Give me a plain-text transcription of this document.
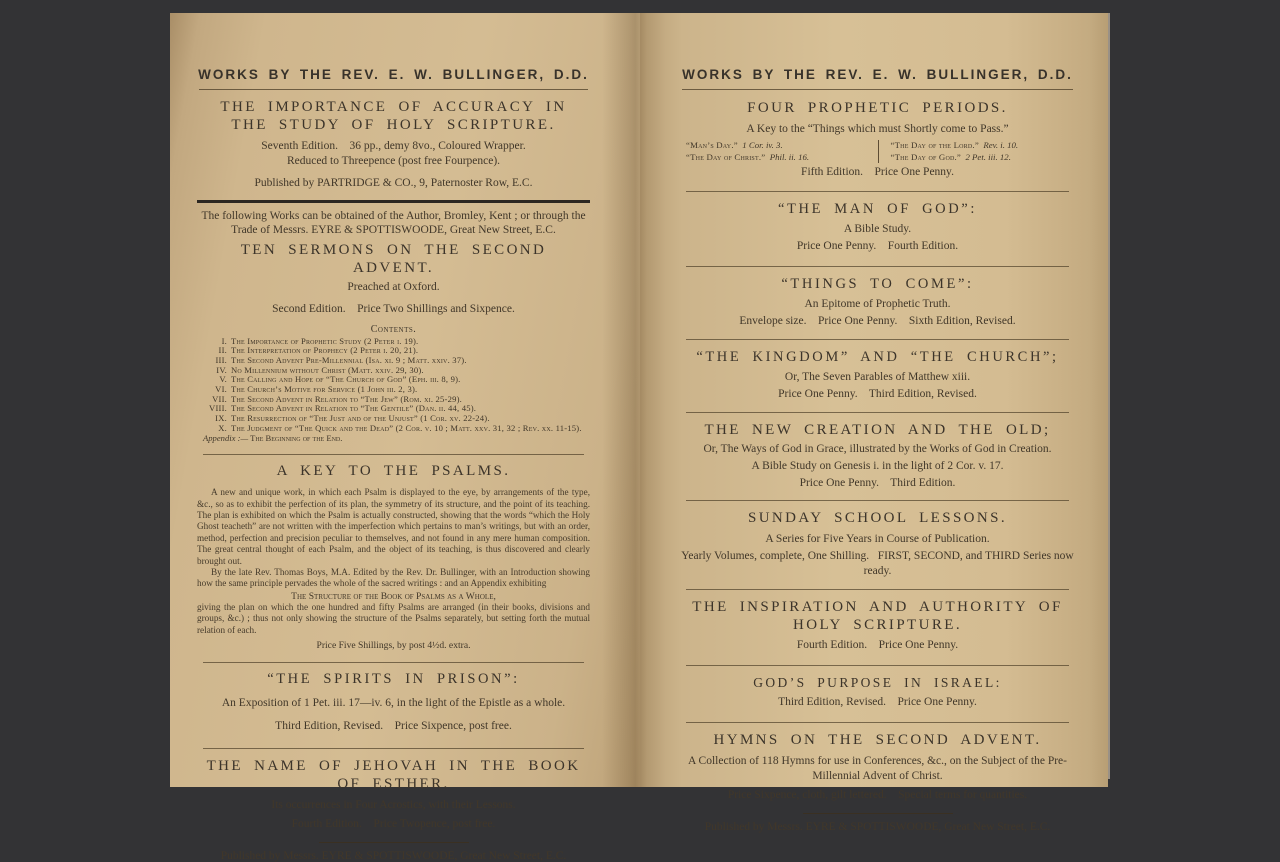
WORKS BY THE REV. E. W. BULLINGER, D.D.
THE IMPORTANCE OF ACCURACY IN THE STUDY OF HOLY SCRIPTURE.
Seventh Edition.    36 pp., demy 8vo., Coloured Wrapper.
Reduced to Threepence (post free Fourpence).
Published by PARTRIDGE & CO., 9, Paternoster Row, E.C.
The following Works can be obtained of the Author, Bromley, Kent ; or through the Trade of Messrs. EYRE & SPOTTISWOODE, Great New Street, E.C.
TEN SERMONS ON THE SECOND ADVENT.
Preached at Oxford.
Second Edition.    Price Two Shillings and Sixpence.
Contents.
I. The Importance of Prophetic Study (2 Peter i. 19).
II. The Interpretation of Prophecy (2 Peter i. 20, 21).
III. The Second Advent Pre-Millennial (Isa. xi. 9 ; Matt. xxiv. 37).
IV. No Millennium without Christ (Matt. xxiv. 29, 30).
V. The Calling and Hope of “The Church of God” (Eph. iii. 8, 9).
VI. The Church’s Motive for Service (1 John iii. 2, 3).
VII. The Second Advent in Relation to “The Jew” (Rom. xi. 25-29).
VIII. The Second Advent in Relation to “The Gentile” (Dan. ii. 44, 45).
IX. The Resurrection of “The Just and of the Unjust” (1 Cor. xv. 22-24).
X. The Judgment of “The Quick and the Dead” (2 Cor. v. 10 ; Matt. xxv. 31, 32 ; Rev. xx. 11-15).
Appendix :— The Beginning of the End.
A KEY TO THE PSALMS.
A new and unique work, in which each Psalm is displayed to the eye, by arrangements of the type, &c., so as to exhibit the perfection of its plan, the symmetry of its structure, and the point of its teaching. The plan is exhibited on which the Psalm is actually constructed, showing that the words “which the Holy Ghost teacheth” are not written with the imperfection which pertains to man’s writings, but with an order, method, perfection and precision peculiar to themselves, and not found in any mere human composition. The great central thought of each Psalm, and the object of its teaching, is thus discovered and clearly brought out.
By the late Rev. Thomas Boys, M.A. Edited by the Rev. Dr. Bullinger, with an Introduction showing how the same principle pervades the whole of the sacred writings : and an Appendix exhibiting
The Structure of the Book of Psalms as a Whole,
giving the plan on which the one hundred and fifty Psalms are arranged (in their books, divisions and groups, &c.) ; thus not only showing the structure of the Psalms separately, but setting forth the mutual relation of each.
Price Five Shillings, by post 4½d. extra.
“THE SPIRITS IN PRISON”:
An Exposition of 1 Pet. iii. 17—iv. 6, in the light of the Epistle as a whole.
Third Edition, Revised.    Price Sixpence, post free.
THE NAME OF JEHOVAH IN THE BOOK OF ESTHER.
Its occurrences in Four Acrostics, with their Lessons.
Fourth Edition.    Price Twopence, post free.
Published by Messrs. EYRE & SPOTTISWOODE, Great New Street, E.C.
WORKS BY THE REV. E. W. BULLINGER, D.D.
FOUR PROPHETIC PERIODS.
A Key to the “Things which must Shortly come to Pass.”
“Man’s Day.” 1 Cor. iv. 3.
“The Day of Christ.” Phil. ii. 16.
“The Day of the Lord.” Rev. i. 10.
“The Day of God.” 2 Pet. iii. 12.
Fifth Edition.    Price One Penny.
“THE MAN OF GOD”:
A Bible Study.
Price One Penny.    Fourth Edition.
“THINGS TO COME”:
An Epitome of Prophetic Truth.
Envelope size.    Price One Penny.    Sixth Edition, Revised.
“THE KINGDOM” AND “THE CHURCH”;
Or, The Seven Parables of Matthew xiii.
Price One Penny.    Third Edition, Revised.
THE NEW CREATION AND THE OLD;
Or, The Ways of God in Grace, illustrated by the Works of God in Creation.
A Bible Study on Genesis i. in the light of 2 Cor. v. 17.
Price One Penny.    Third Edition.
SUNDAY SCHOOL LESSONS.
A Series for Five Years in Course of Publication.
Yearly Volumes, complete, One Shilling.   FIRST, SECOND, and THIRD Series now ready.
THE INSPIRATION AND AUTHORITY OF HOLY SCRIPTURE.
Fourth Edition.    Price One Penny.
GOD’S PURPOSE IN ISRAEL:
Third Edition, Revised.    Price One Penny.
HYMNS ON THE SECOND ADVENT.
A Collection of 118 Hymns for use in Conferences, &c., on the Subject of the Pre-Millennial Advent of Christ.
Price Sixpence, cloth, gilt lettered.    Special terms for quantities.
Published by Messrs. EYRE & SPOTTISWOODE, Great New Street, E.C.
